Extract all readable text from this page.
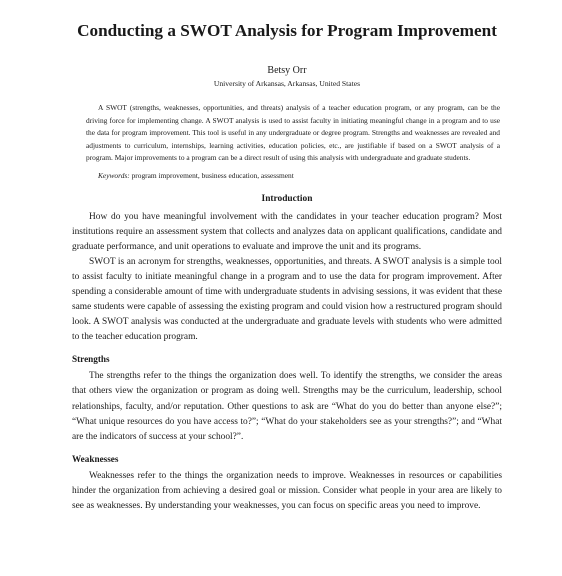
Conducting a SWOT Analysis for Program Improvement
Betsy Orr
University of Arkansas, Arkansas, United States

A SWOT (strengths, weaknesses, opportunities, and threats) analysis of a teacher education program, or any program, can be the driving force for implementing change. A SWOT analysis is used to assist faculty in initiating meaningful change in a program and to use the data for program improvement. This tool is useful in any undergraduate or degree program. Strengths and weaknesses are revealed and adjustments to curriculum, internships, learning activities, education policies, etc., are justifiable if based on a SWOT analysis of a program. Major improvements to a program can be a direct result of using this analysis with undergraduate and graduate students.

Keywords: program improvement, business education, assessment
Introduction

How do you have meaningful involvement with the candidates in your teacher education program? Most institutions require an assessment system that collects and analyzes data on applicant qualifications, candidate and graduate performance, and unit operations to evaluate and improve the unit and its programs.

SWOT is an acronym for strengths, weaknesses, opportunities, and threats. A SWOT analysis is a simple tool to assist faculty to initiate meaningful change in a program and to use the data for program improvement. After spending a considerable amount of time with undergraduate students in advising sessions, it was evident that these same students were capable of assessing the existing program and could vision how a restructured program should look. A SWOT analysis was conducted at the undergraduate and graduate levels with students who were admitted to the teacher education program.

Strengths

The strengths refer to the things the organization does well. To identify the strengths, we consider the areas that others view the organization or program as doing well. Strengths may be the curriculum, leadership, school relationships, faculty, and/or reputation. Other questions to ask are “What do you do better than anyone else?”; “What unique resources do you have access to?”; “What do your stakeholders see as your strengths?”; and “What are the indicators of success at your school?”.

Weaknesses

Weaknesses refer to the things the organization needs to improve. Weaknesses in resources or capabilities hinder the organization from achieving a desired goal or mission. Consider what people in your area are likely to see as weaknesses. By understanding your weaknesses, you can focus on specific areas you need to improve.
